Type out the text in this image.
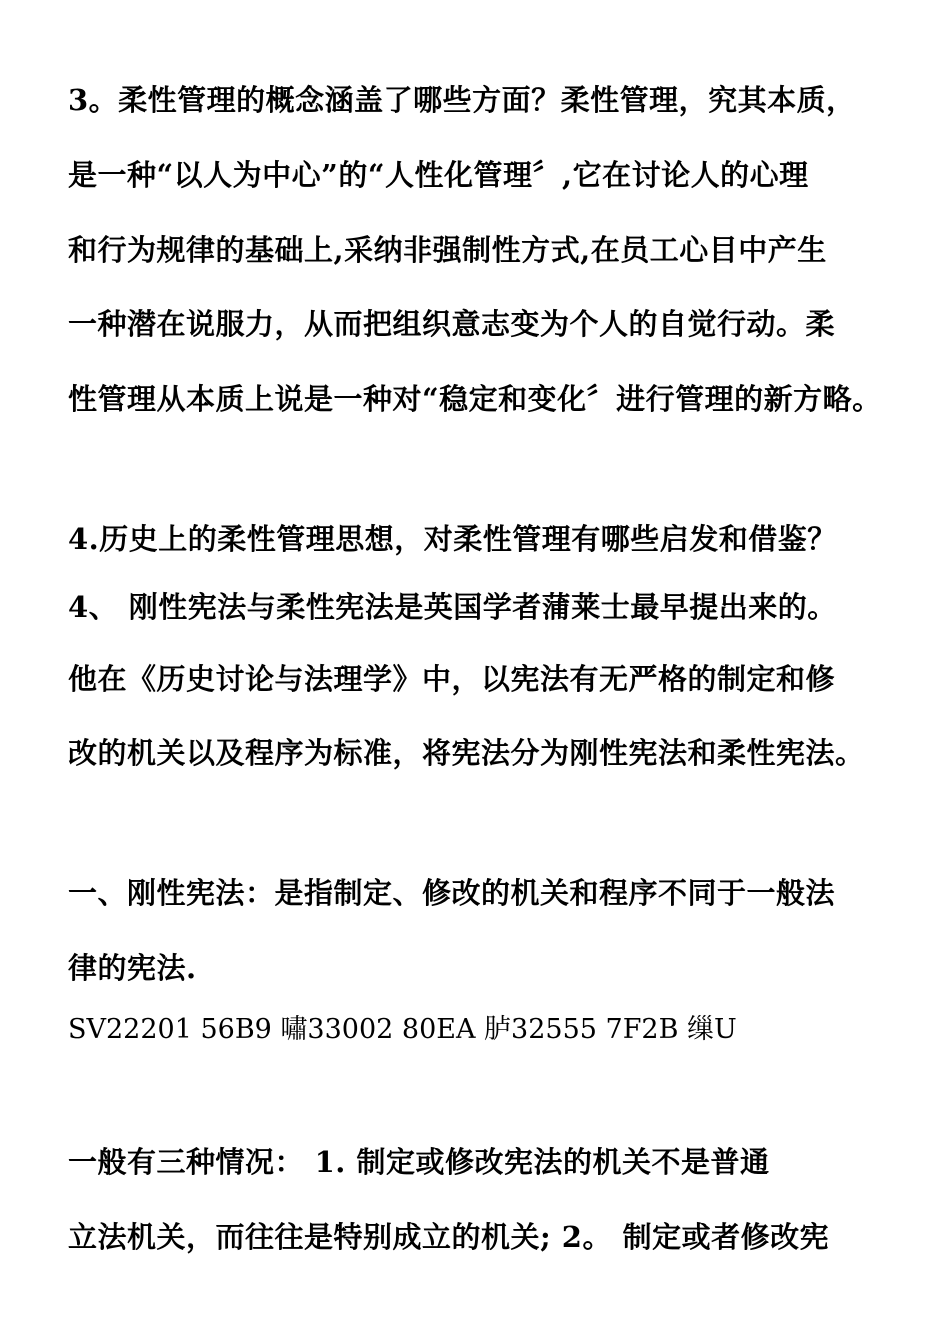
3。柔性管理的概念涵盖了哪些方面？柔性管理，究其本质，
是一种“以人为中心”的“人性化管理〞,它在讨论人的心理
和行为规律的基础上,采纳非强制性方式,在员工心目中产生
一种潜在说服力，从而把组织意志变为个人的自觉行动。柔
性管理从本质上说是一种对“稳定和变化〞进行管理的新方略。
4.历史上的柔性管理思想，对柔性管理有哪些启发和借鉴？
4、 刚性宪法与柔性宪法是英国学者蒲莱士最早提出来的。
他在《历史讨论与法理学》中，以宪法有无严格的制定和修
改的机关以及程序为标准，将宪法分为刚性宪法和柔性宪法。
一、刚性宪法：是指制定、修改的机关和程序不同于一般法
律的宪法.
SV22201 56B9 嘯33002 80EA 胪32555 7F2B 缫U
一般有三种情况： 1. 制定或修改宪法的机关不是普通
立法机关，而往往是特别成立的机关; 2。 制定或者修改宪
